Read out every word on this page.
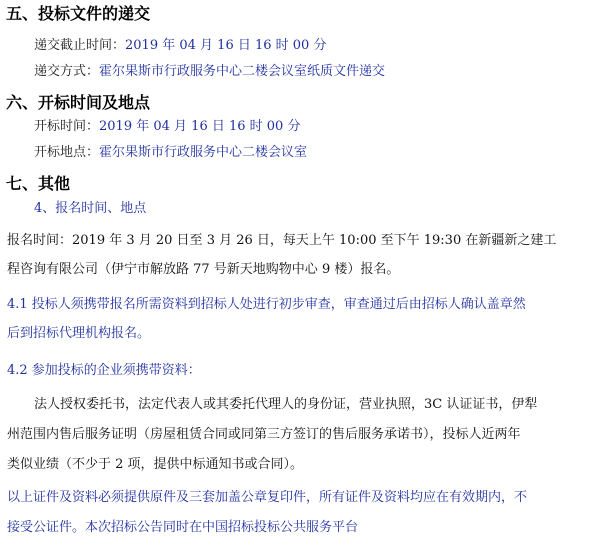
五、投标文件的递交
递交截止时间：2019 年 04 月 16 日 16 时 00 分
递交方式：霍尔果斯市行政服务中心二楼会议室纸质文件递交
六、开标时间及地点
开标时间：2019 年 04 月 16 日 16 时 00 分
开标地点：霍尔果斯市行政服务中心二楼会议室
七、其他
4、报名时间、地点
报名时间：2019 年 3 月 20 日至 3 月 26 日，每天上午 10:00 至下午 19:30 在新疆新之建工
程咨询有限公司（伊宁市解放路 77 号新天地购物中心 9 楼）报名。
4.1 投标人须携带报名所需资料到招标人处进行初步审查，审查通过后由招标人确认盖章然
后到招标代理机构报名。
4.2 参加投标的企业须携带资料：
法人授权委托书，法定代表人或其委托代理人的身份证，营业执照，3C 认证证书，伊犁
州范围内售后服务证明（房屋租赁合同或同第三方签订的售后服务承诺书），投标人近两年
类似业绩（不少于 2 项，提供中标通知书或合同）。
以上证件及资料必须提供原件及三套加盖公章复印件，所有证件及资料均应在有效期内，不
接受公证件。本次招标公告同时在中国招标投标公共服务平台
